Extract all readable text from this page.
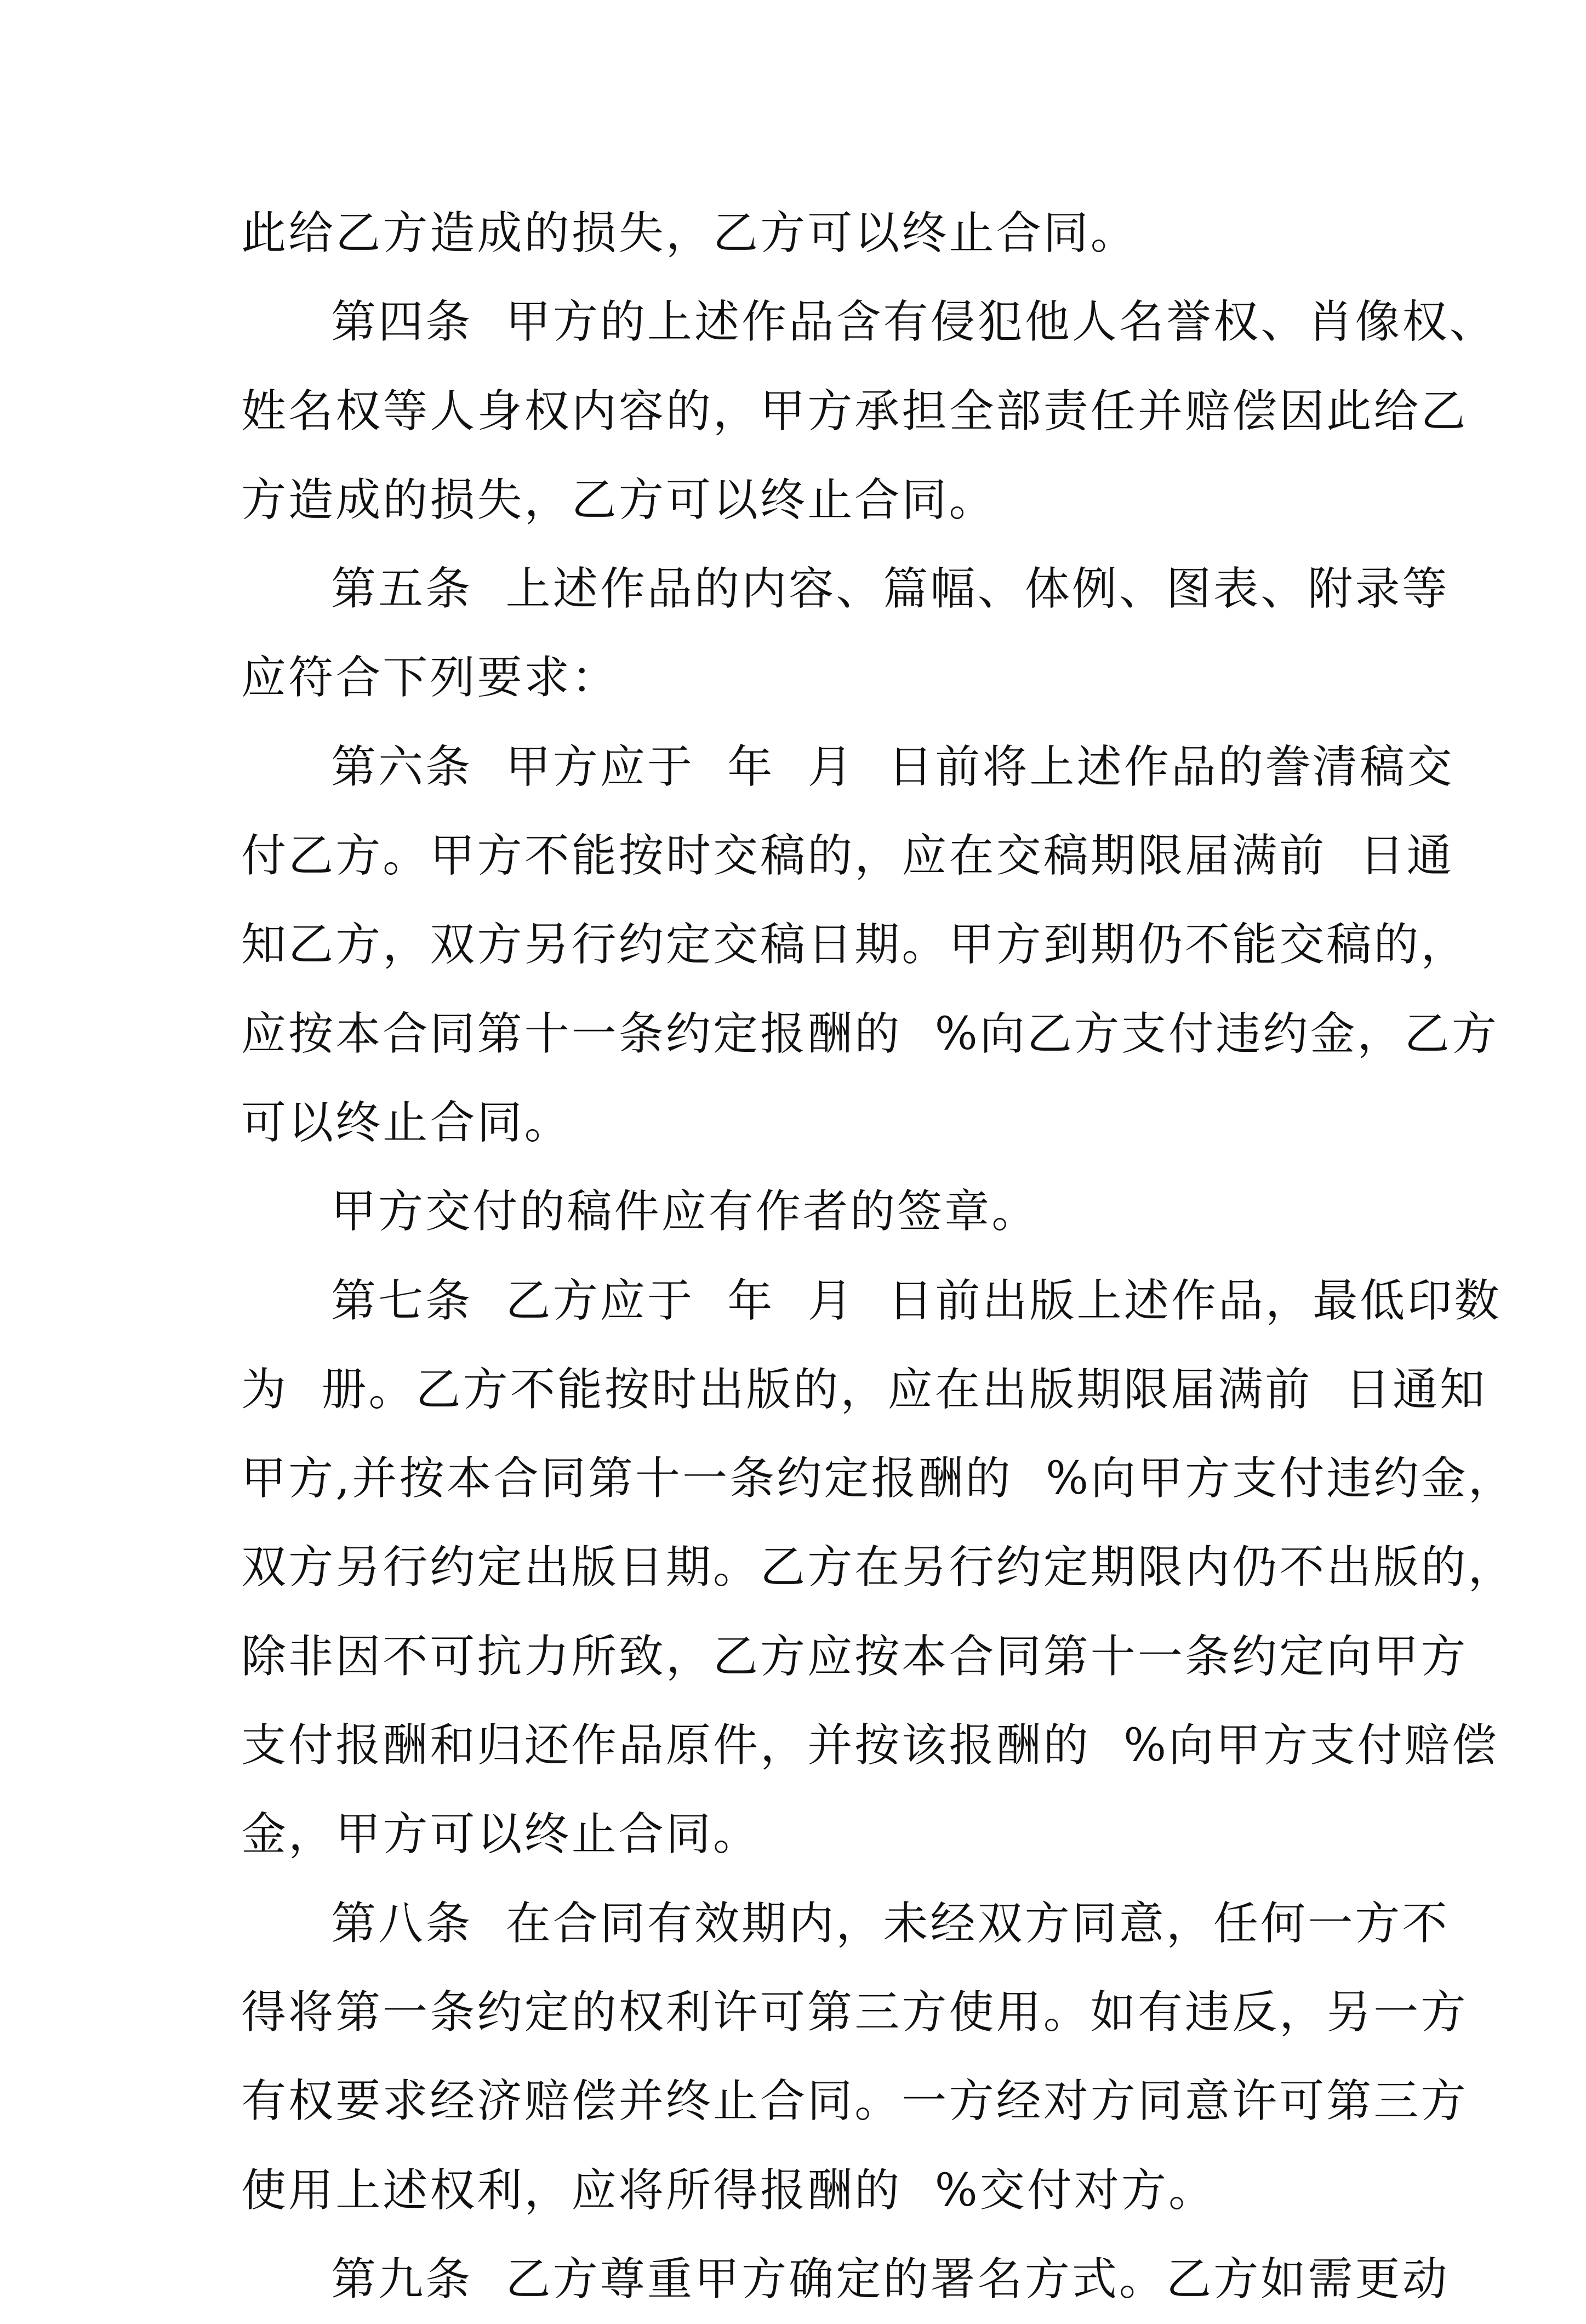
此给乙方造成的损失，乙方可以终止合同。
第四条  甲方的上述作品含有侵犯他人名誉权、肖像权、
姓名权等人身权内容的，甲方承担全部责任并赔偿因此给乙
方造成的损失，乙方可以终止合同。
第五条  上述作品的内容、篇幅、体例、图表、附录等
应符合下列要求：
第六条  甲方应于  年  月  日前将上述作品的誊清稿交
付乙方。甲方不能按时交稿的，应在交稿期限届满前  日通
知乙方，双方另行约定交稿日期。甲方到期仍不能交稿的，
应按本合同第十一条约定报酬的  %向乙方支付违约金，乙方
可以终止合同。
甲方交付的稿件应有作者的签章。
第七条  乙方应于  年  月  日前出版上述作品，最低印数
为  册。乙方不能按时出版的，应在出版期限届满前  日通知
甲方,并按本合同第十一条约定报酬的  %向甲方支付违约金，
双方另行约定出版日期。乙方在另行约定期限内仍不出版的，
除非因不可抗力所致，乙方应按本合同第十一条约定向甲方
支付报酬和归还作品原件，并按该报酬的  %向甲方支付赔偿
金，甲方可以终止合同。
第八条  在合同有效期内，未经双方同意，任何一方不
得将第一条约定的权利许可第三方使用。如有违反，另一方
有权要求经济赔偿并终止合同。一方经对方同意许可第三方
使用上述权利，应将所得报酬的  %交付对方。
第九条  乙方尊重甲方确定的署名方式。乙方如需更动
